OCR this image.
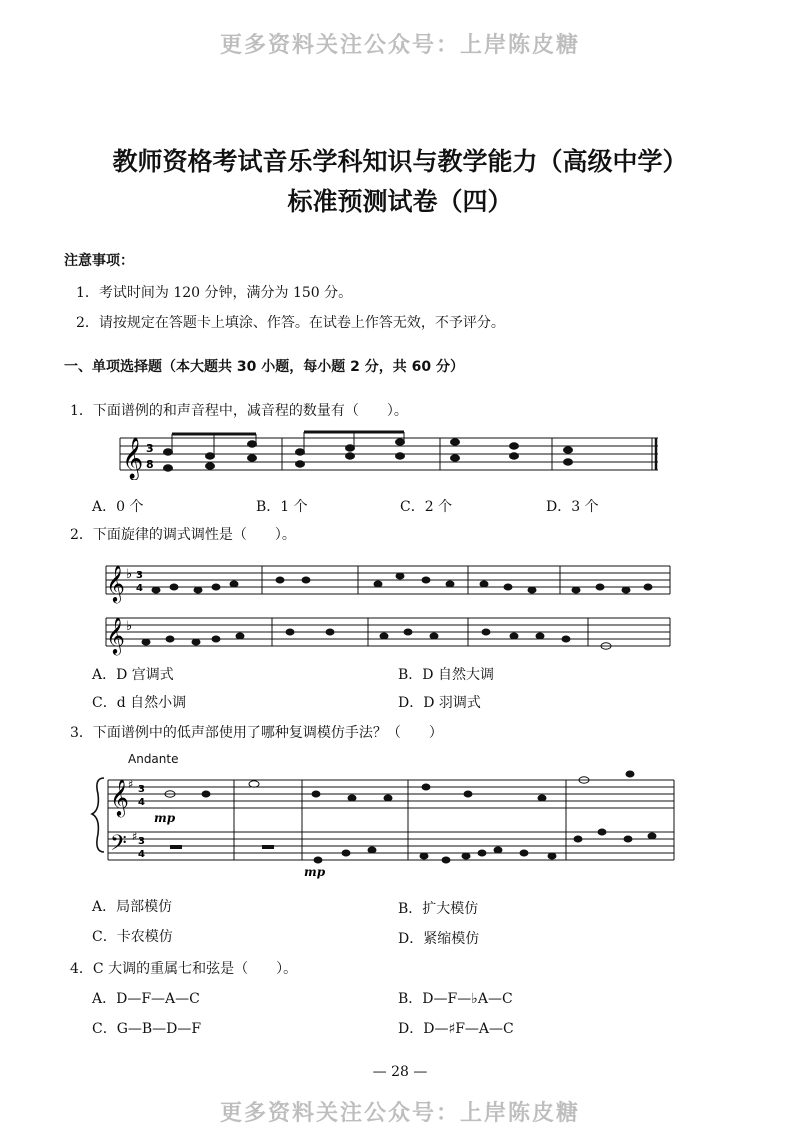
更多资料关注公众号：上岸陈皮糖
更多资料关注公众号：上岸陈皮糖
教师资格考试音乐学科知识与教学能力（高级中学）
标准预测试卷（四）
注意事项：
1．考试时间为 120 分钟，满分为 150 分。
2．请按规定在答题卡上填涂、作答。在试卷上作答无效，不予评分。
一、单项选择题（本大题共 30 小题，每小题 2 分，共 60 分）
1．下面谱例的和声音程中，减音程的数量有（　　）。
𝄞 3
8
A．0 个	B．1 个	C．2 个	D．3 个
2．下面旋律的调式调性是（　　）。
𝄞
𝄞
♭
♭
3
4
A．D 宫调式	B．D 自然大调
C．d 自然小调	D．D 羽调式
3．下面谱例中的低声部使用了哪种复调模仿手法？（　　）
Andante
𝄞
𝄢
♯
♯
3
4
3
4
mp
mp
A．局部模仿	B．扩大模仿
C．卡农模仿	D．紧缩模仿
4．C 大调的重属七和弦是（　　）。
A．D—F—A—C	B．D—F—♭A—C
C．G—B—D—F	D．D—♯F—A—C
— 28 —
